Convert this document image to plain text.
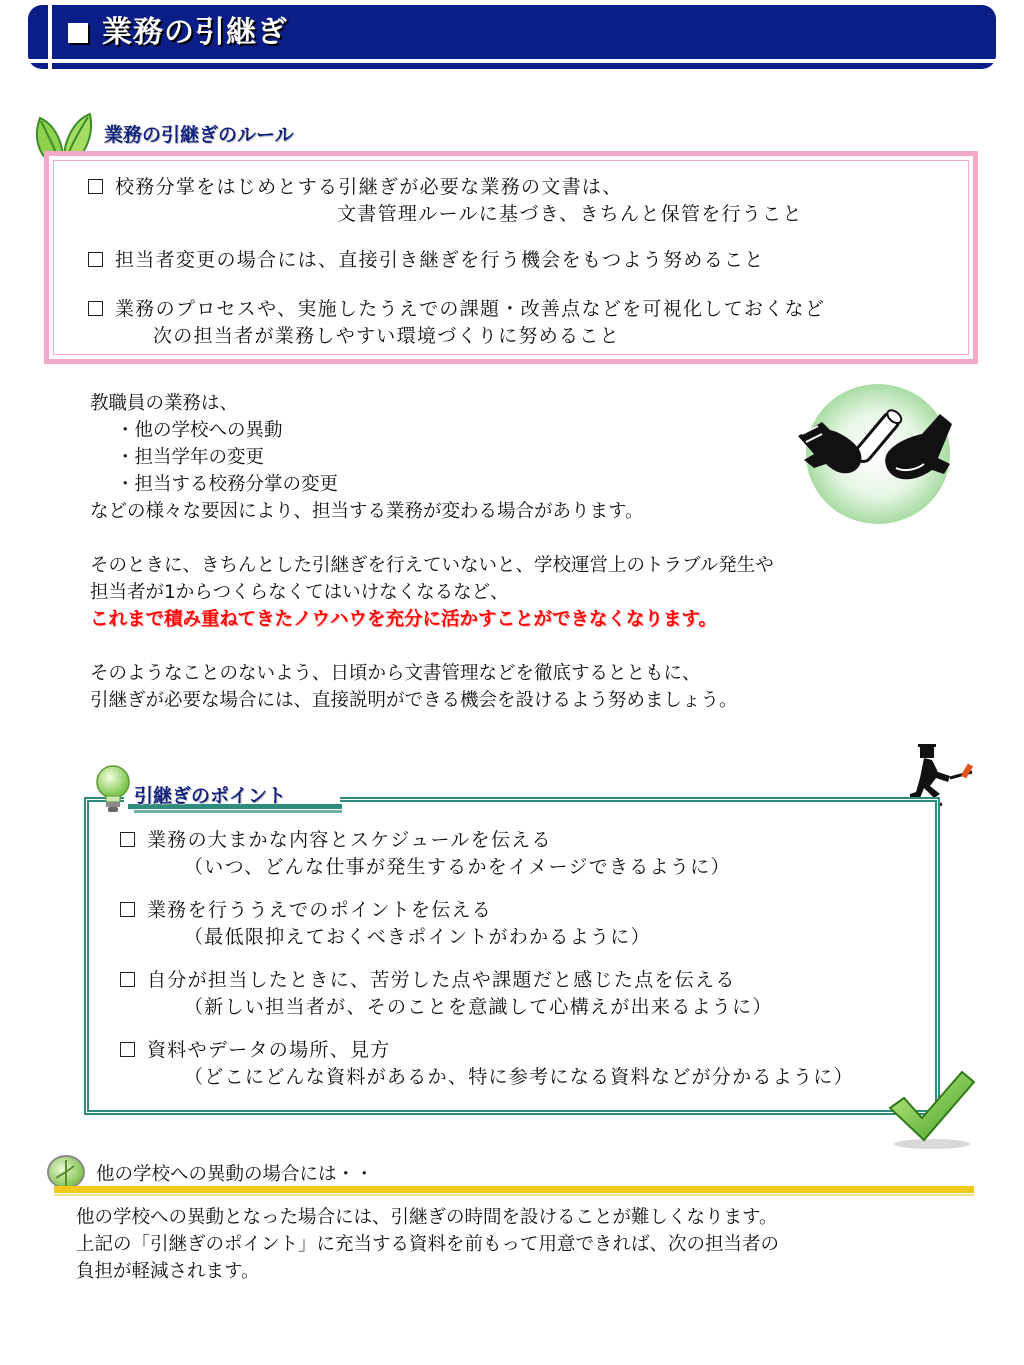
業務の引継ぎ
業務の引継ぎのルール
校務分掌をはじめとする引継ぎが必要な業務の文書は、
文書管理ルールに基づき、きちんと保管を行うこと
担当者変更の場合には、直接引き継ぎを行う機会をもつよう努めること
業務のプロセスや、実施したうえでの課題・改善点などを可視化しておくなど
次の担当者が業務しやすい環境づくりに努めること
教職員の業務は、
・他の学校への異動
・担当学年の変更
・担当する校務分掌の変更
などの様々な要因により、担当する業務が変わる場合があります。
そのときに、きちんとした引継ぎを行えていないと、学校運営上のトラブル発生や
担当者が1からつくらなくてはいけなくなるなど、
これまで積み重ねてきたノウハウを充分に活かすことができなくなります。
そのようなことのないよう、日頃から文書管理などを徹底するとともに、
引継ぎが必要な場合には、直接説明ができる機会を設けるよう努めましょう。
引継ぎのポイント
業務の大まかな内容とスケジュールを伝える
（いつ、どんな仕事が発生するかをイメージできるように）
業務を行ううえでのポイントを伝える
（最低限抑えておくべきポイントがわかるように）
自分が担当したときに、苦労した点や課題だと感じた点を伝える
（新しい担当者が、そのことを意識して心構えが出来るように）
資料やデータの場所、見方
（どこにどんな資料があるか、特に参考になる資料などが分かるように）
他の学校への異動の場合には・・
他の学校への異動となった場合には、引継ぎの時間を設けることが難しくなります。
上記の「引継ぎのポイント」に充当する資料を前もって用意できれば、次の担当者の
負担が軽減されます。
